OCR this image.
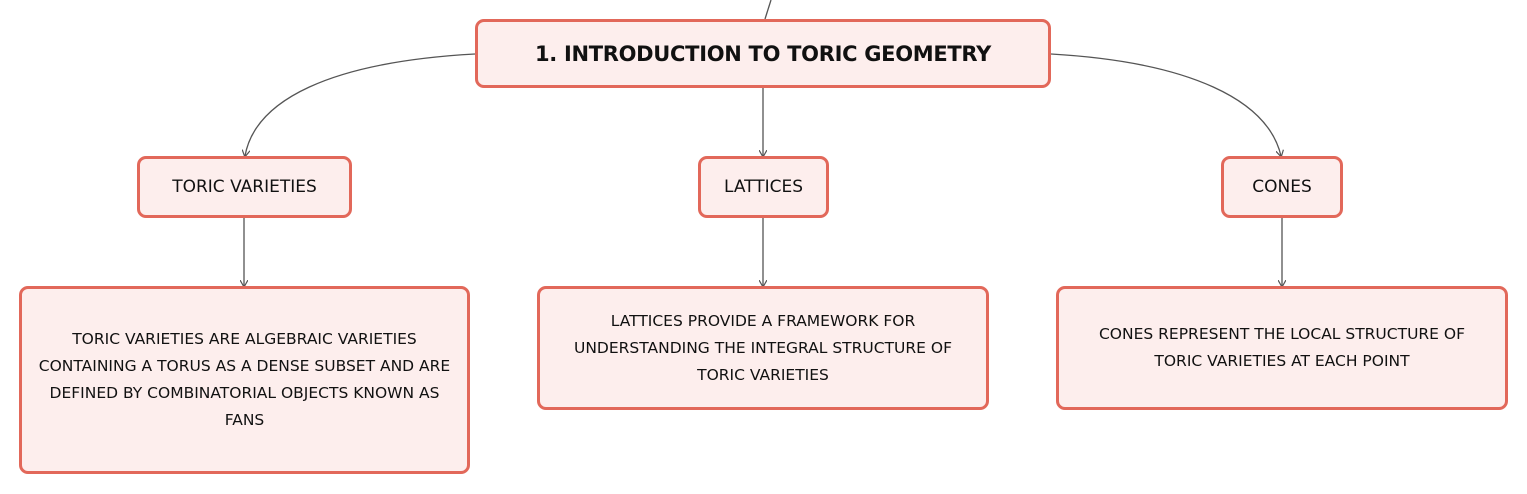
1. INTRODUCTION TO TORIC GEOMETRY
TORIC VARIETIES	LATTICES	CONES
TORIC VARIETIES ARE ALGEBRAIC VARIETIES CONTAINING A TORUS AS A DENSE SUBSET AND ARE DEFINED BY COMBINATORIAL OBJECTS KNOWN AS FANS
LATTICES PROVIDE A FRAMEWORK FOR UNDERSTANDING THE INTEGRAL STRUCTURE OF TORIC VARIETIES
CONES REPRESENT THE LOCAL STRUCTURE OF TORIC VARIETIES AT EACH POINT
